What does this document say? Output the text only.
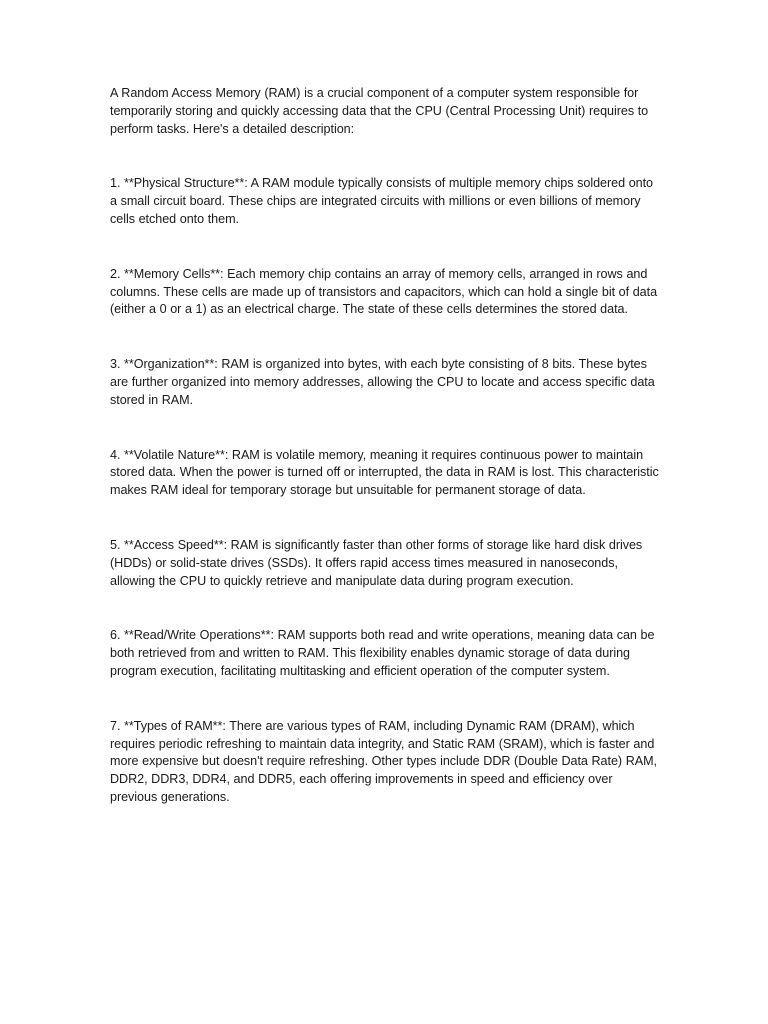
A Random Access Memory (RAM) is a crucial component of a computer system responsible for temporarily storing and quickly accessing data that the CPU (Central Processing Unit) requires to perform tasks. Here's a detailed description:

1. **Physical Structure**: A RAM module typically consists of multiple memory chips soldered onto a small circuit board. These chips are integrated circuits with millions or even billions of memory cells etched onto them.

2. **Memory Cells**: Each memory chip contains an array of memory cells, arranged in rows and columns. These cells are made up of transistors and capacitors, which can hold a single bit of data (either a 0 or a 1) as an electrical charge. The state of these cells determines the stored data.

3. **Organization**: RAM is organized into bytes, with each byte consisting of 8 bits. These bytes are further organized into memory addresses, allowing the CPU to locate and access specific data stored in RAM.

4. **Volatile Nature**: RAM is volatile memory, meaning it requires continuous power to maintain stored data. When the power is turned off or interrupted, the data in RAM is lost. This characteristic makes RAM ideal for temporary storage but unsuitable for permanent storage of data.

5. **Access Speed**: RAM is significantly faster than other forms of storage like hard disk drives (HDDs) or solid-state drives (SSDs). It offers rapid access times measured in nanoseconds, allowing the CPU to quickly retrieve and manipulate data during program execution.

6. **Read/Write Operations**: RAM supports both read and write operations, meaning data can be both retrieved from and written to RAM. This flexibility enables dynamic storage of data during program execution, facilitating multitasking and efficient operation of the computer system.

7. **Types of RAM**: There are various types of RAM, including Dynamic RAM (DRAM), which requires periodic refreshing to maintain data integrity, and Static RAM (SRAM), which is faster and more expensive but doesn't require refreshing. Other types include DDR (Double Data Rate) RAM, DDR2, DDR3, DDR4, and DDR5, each offering improvements in speed and efficiency over previous generations.
